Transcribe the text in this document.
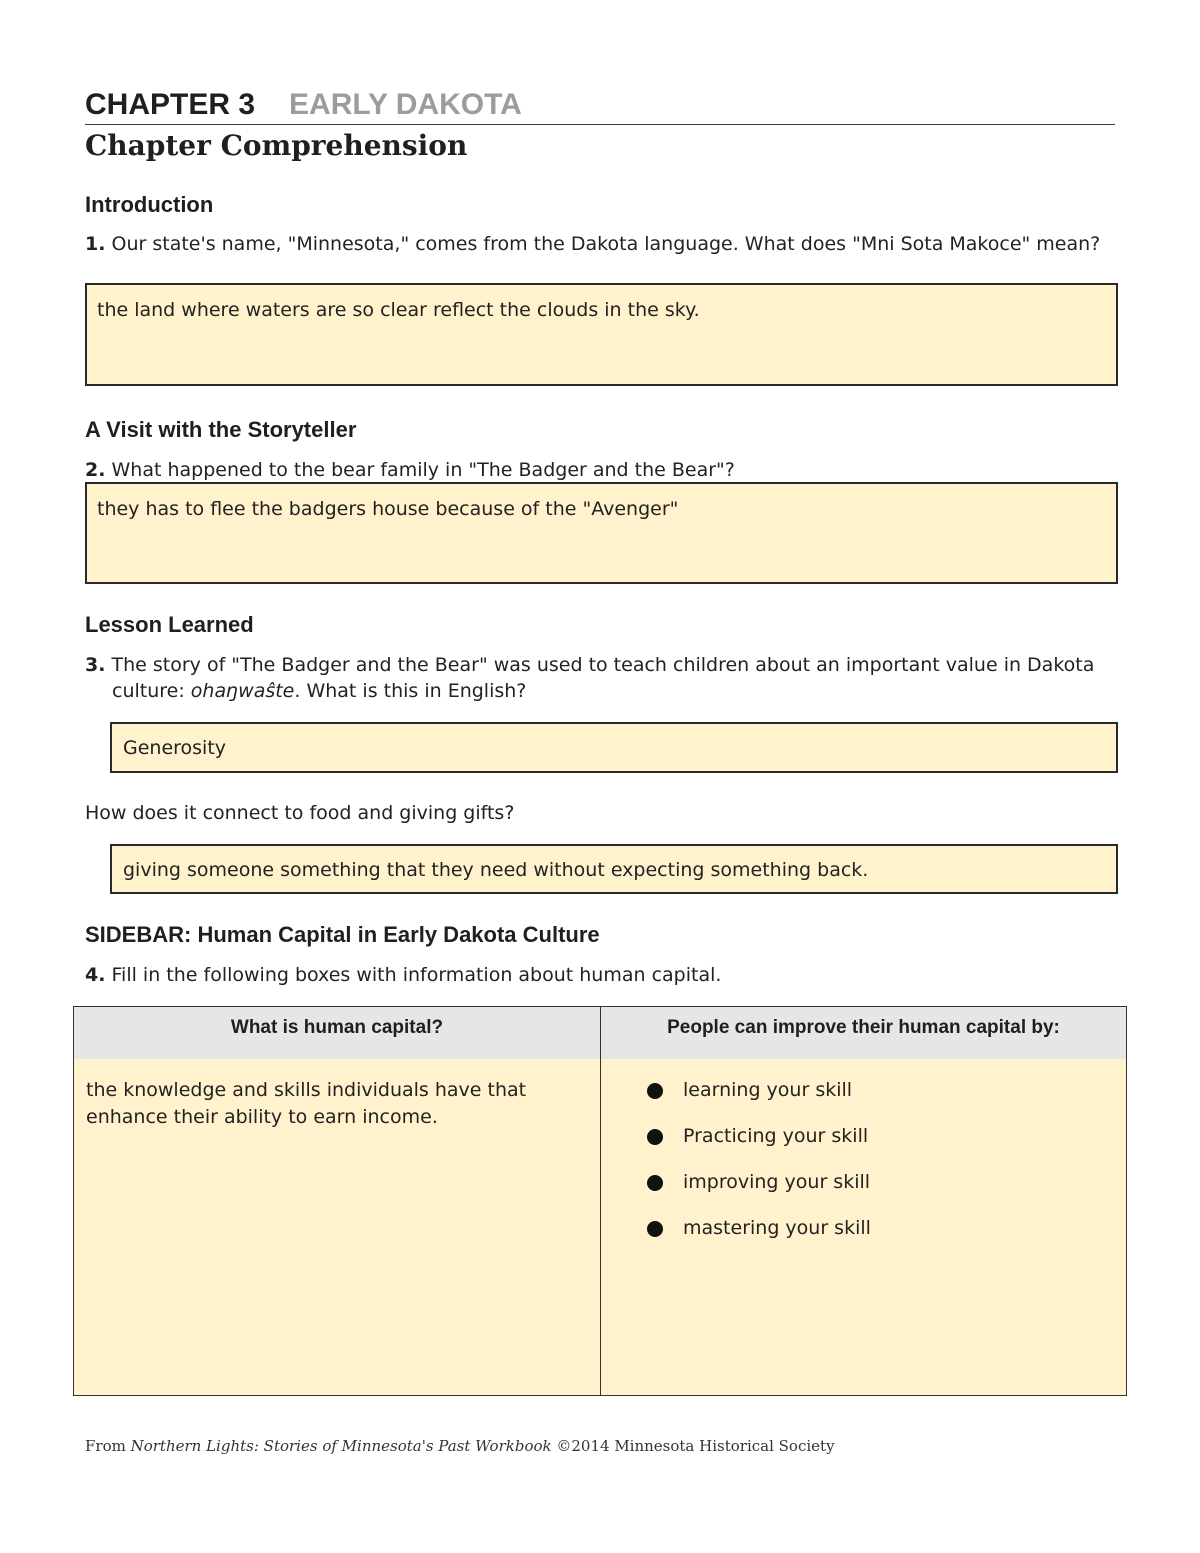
CHAPTER 3 EARLY DAKOTA
Chapter Comprehension
Introduction
1. Our state's name, "Minnesota," comes from the Dakota language. What does "Mni Sota Makoce" mean?
the land where waters are so clear reflect the clouds in the sky.
A Visit with the Storyteller
2. What happened to the bear family in "The Badger and the Bear"?
they has to flee the badgers house because of the "Avenger"
Lesson Learned
3. The story of "The Badger and the Bear" was used to teach children about an important value in Dakota culture: ohaŋwaŝte. What is this in English?
Generosity
How does it connect to food and giving gifts?
giving someone something that they need without expecting something back.
SIDEBAR: Human Capital in Early Dakota Culture
4. Fill in the following boxes with information about human capital.
What is human capital?	People can improve their human capital by:
the knowledge and skills individuals have that enhance their ability to earn income.
learning your skill
Practicing your skill
improving your skill
mastering your skill
From Northern Lights: Stories of Minnesota's Past Workbook ©2014 Minnesota Historical Society
